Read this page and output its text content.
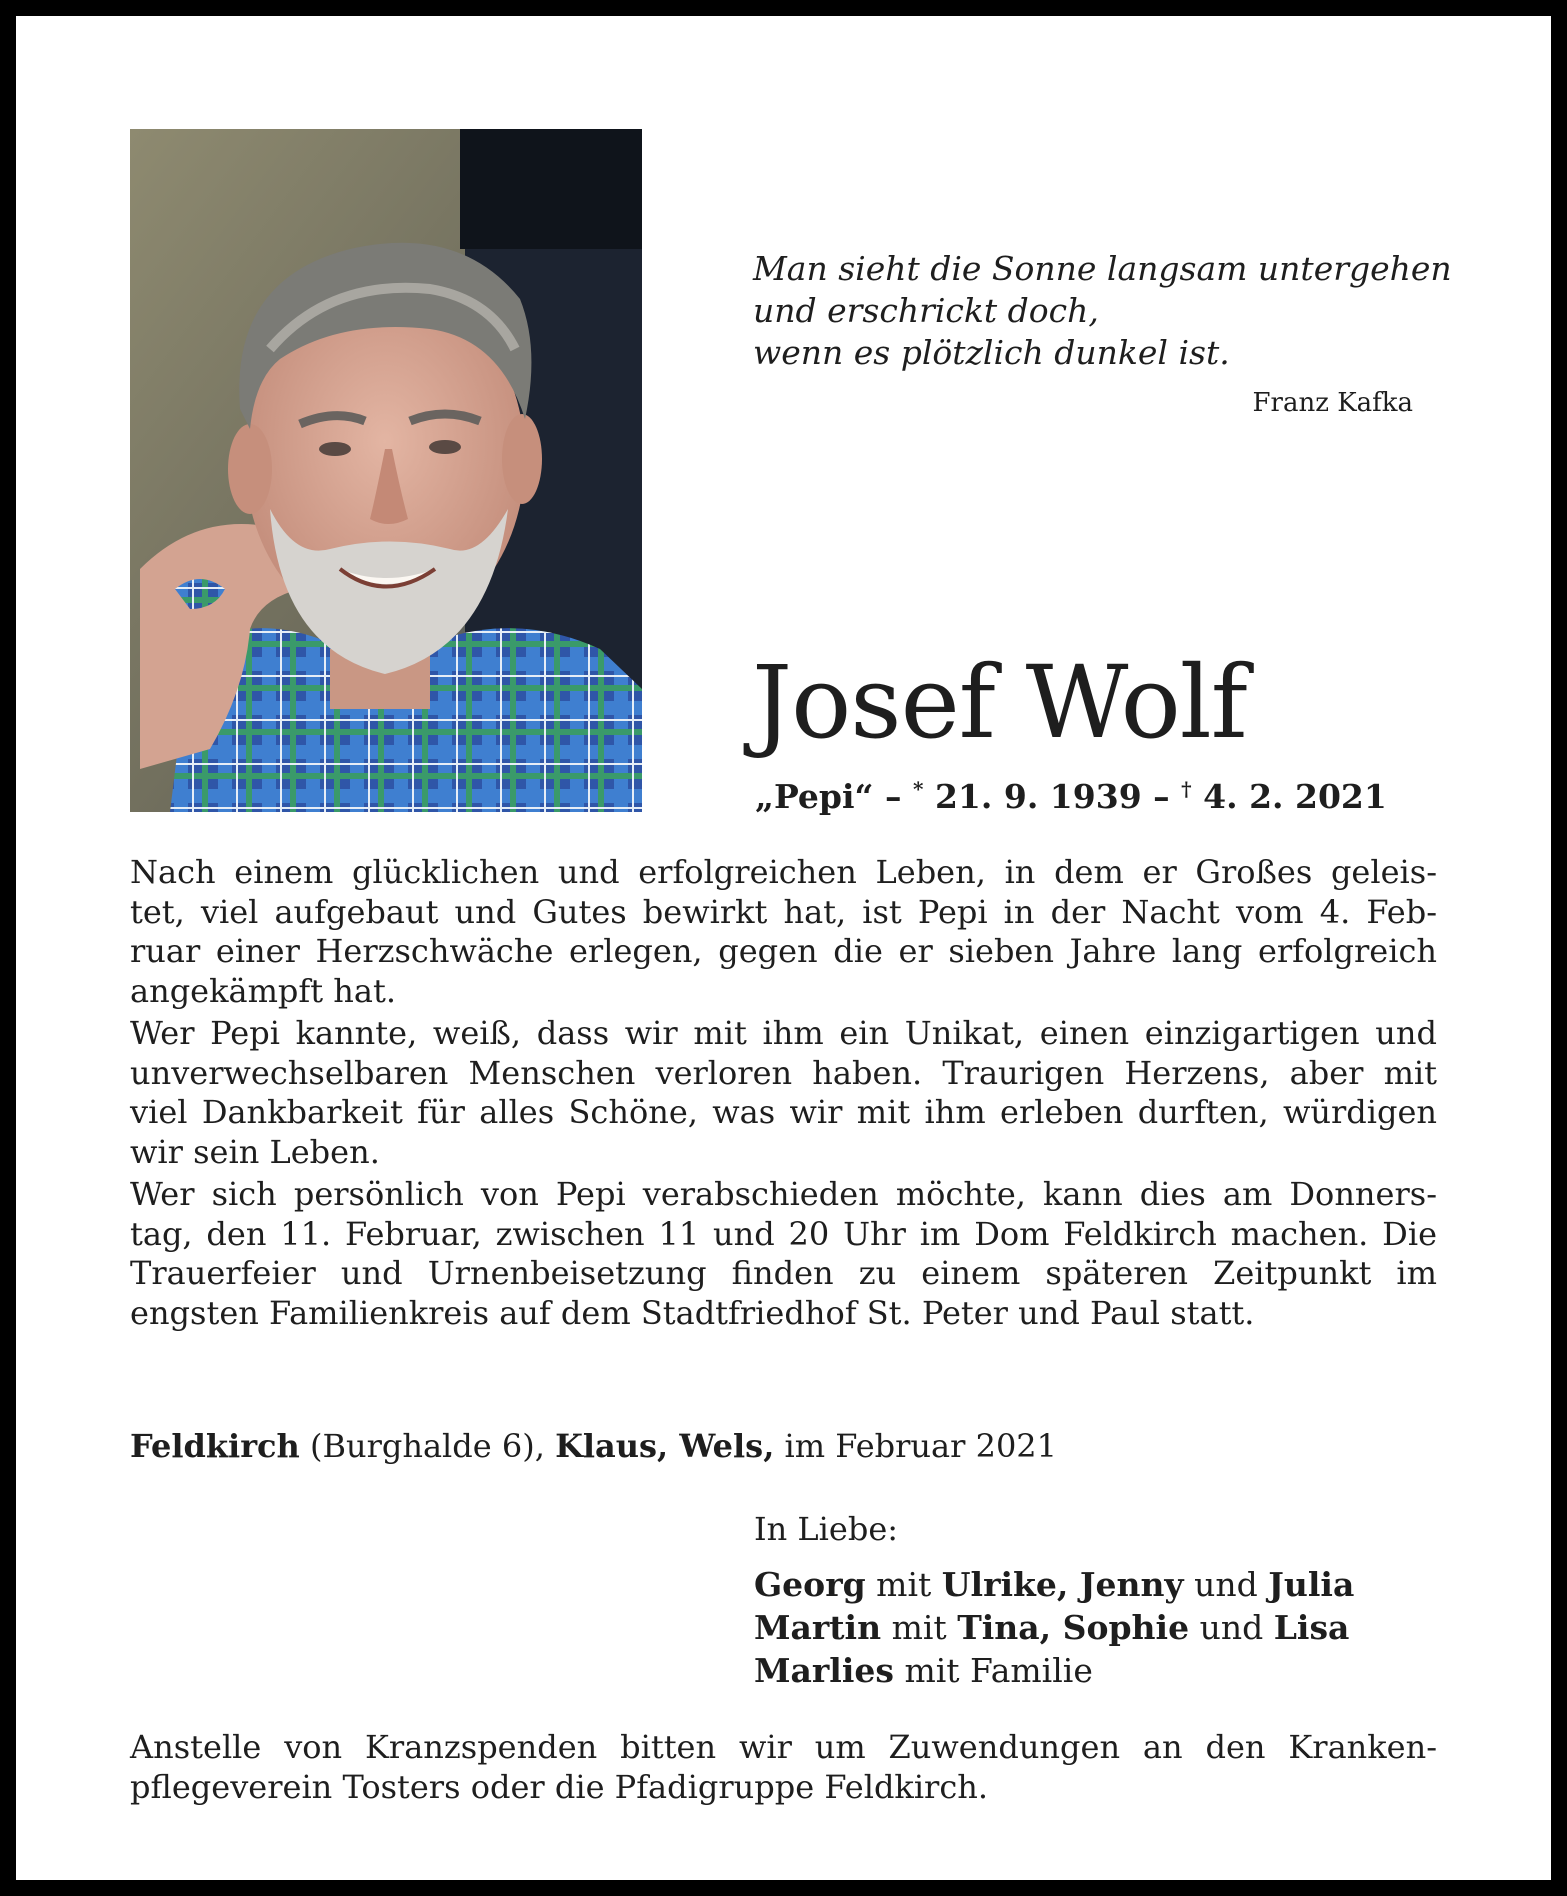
Man sieht die Sonne langsam untergehen
und erschrickt doch,
wenn es plötzlich dunkel ist.
Franz Kafka
Josef Wolf
„Pepi“ – * 21. 9. 1939 – † 4. 2. 2021

Nach einem glücklichen und erfolgreichen Leben, in dem er Großes geleis-
tet, viel aufgebaut und Gutes bewirkt hat, ist Pepi in der Nacht vom 4. Feb-
ruar einer Herzschwäche erlegen, gegen die er sieben Jahre lang erfolgreich
angekämpft hat.

Wer Pepi kannte, weiß, dass wir mit ihm ein Unikat, einen einzigartigen und
unverwechselbaren Menschen verloren haben. Traurigen Herzens, aber mit
viel Dankbarkeit für alles Schöne, was wir mit ihm erleben durften, würdigen
wir sein Leben.

Wer sich persönlich von Pepi verabschieden möchte, kann dies am Donners-
tag, den 11. Februar, zwischen 11 und 20 Uhr im Dom Feldkirch machen. Die
Trauerfeier und Urnenbeisetzung finden zu einem späteren Zeitpunkt im
engsten Familienkreis auf dem Stadtfriedhof St. Peter und Paul statt.

Feldkirch (Burghalde 6), Klaus, Wels, im Februar 2021
In Liebe:
Georg mit Ulrike, Jenny und Julia
Martin mit Tina, Sophie und Lisa
Marlies mit Familie
Anstelle von Kranzspenden bitten wir um Zuwendungen an den Kranken-
pflegeverein Tosters oder die Pfadigruppe Feldkirch.
